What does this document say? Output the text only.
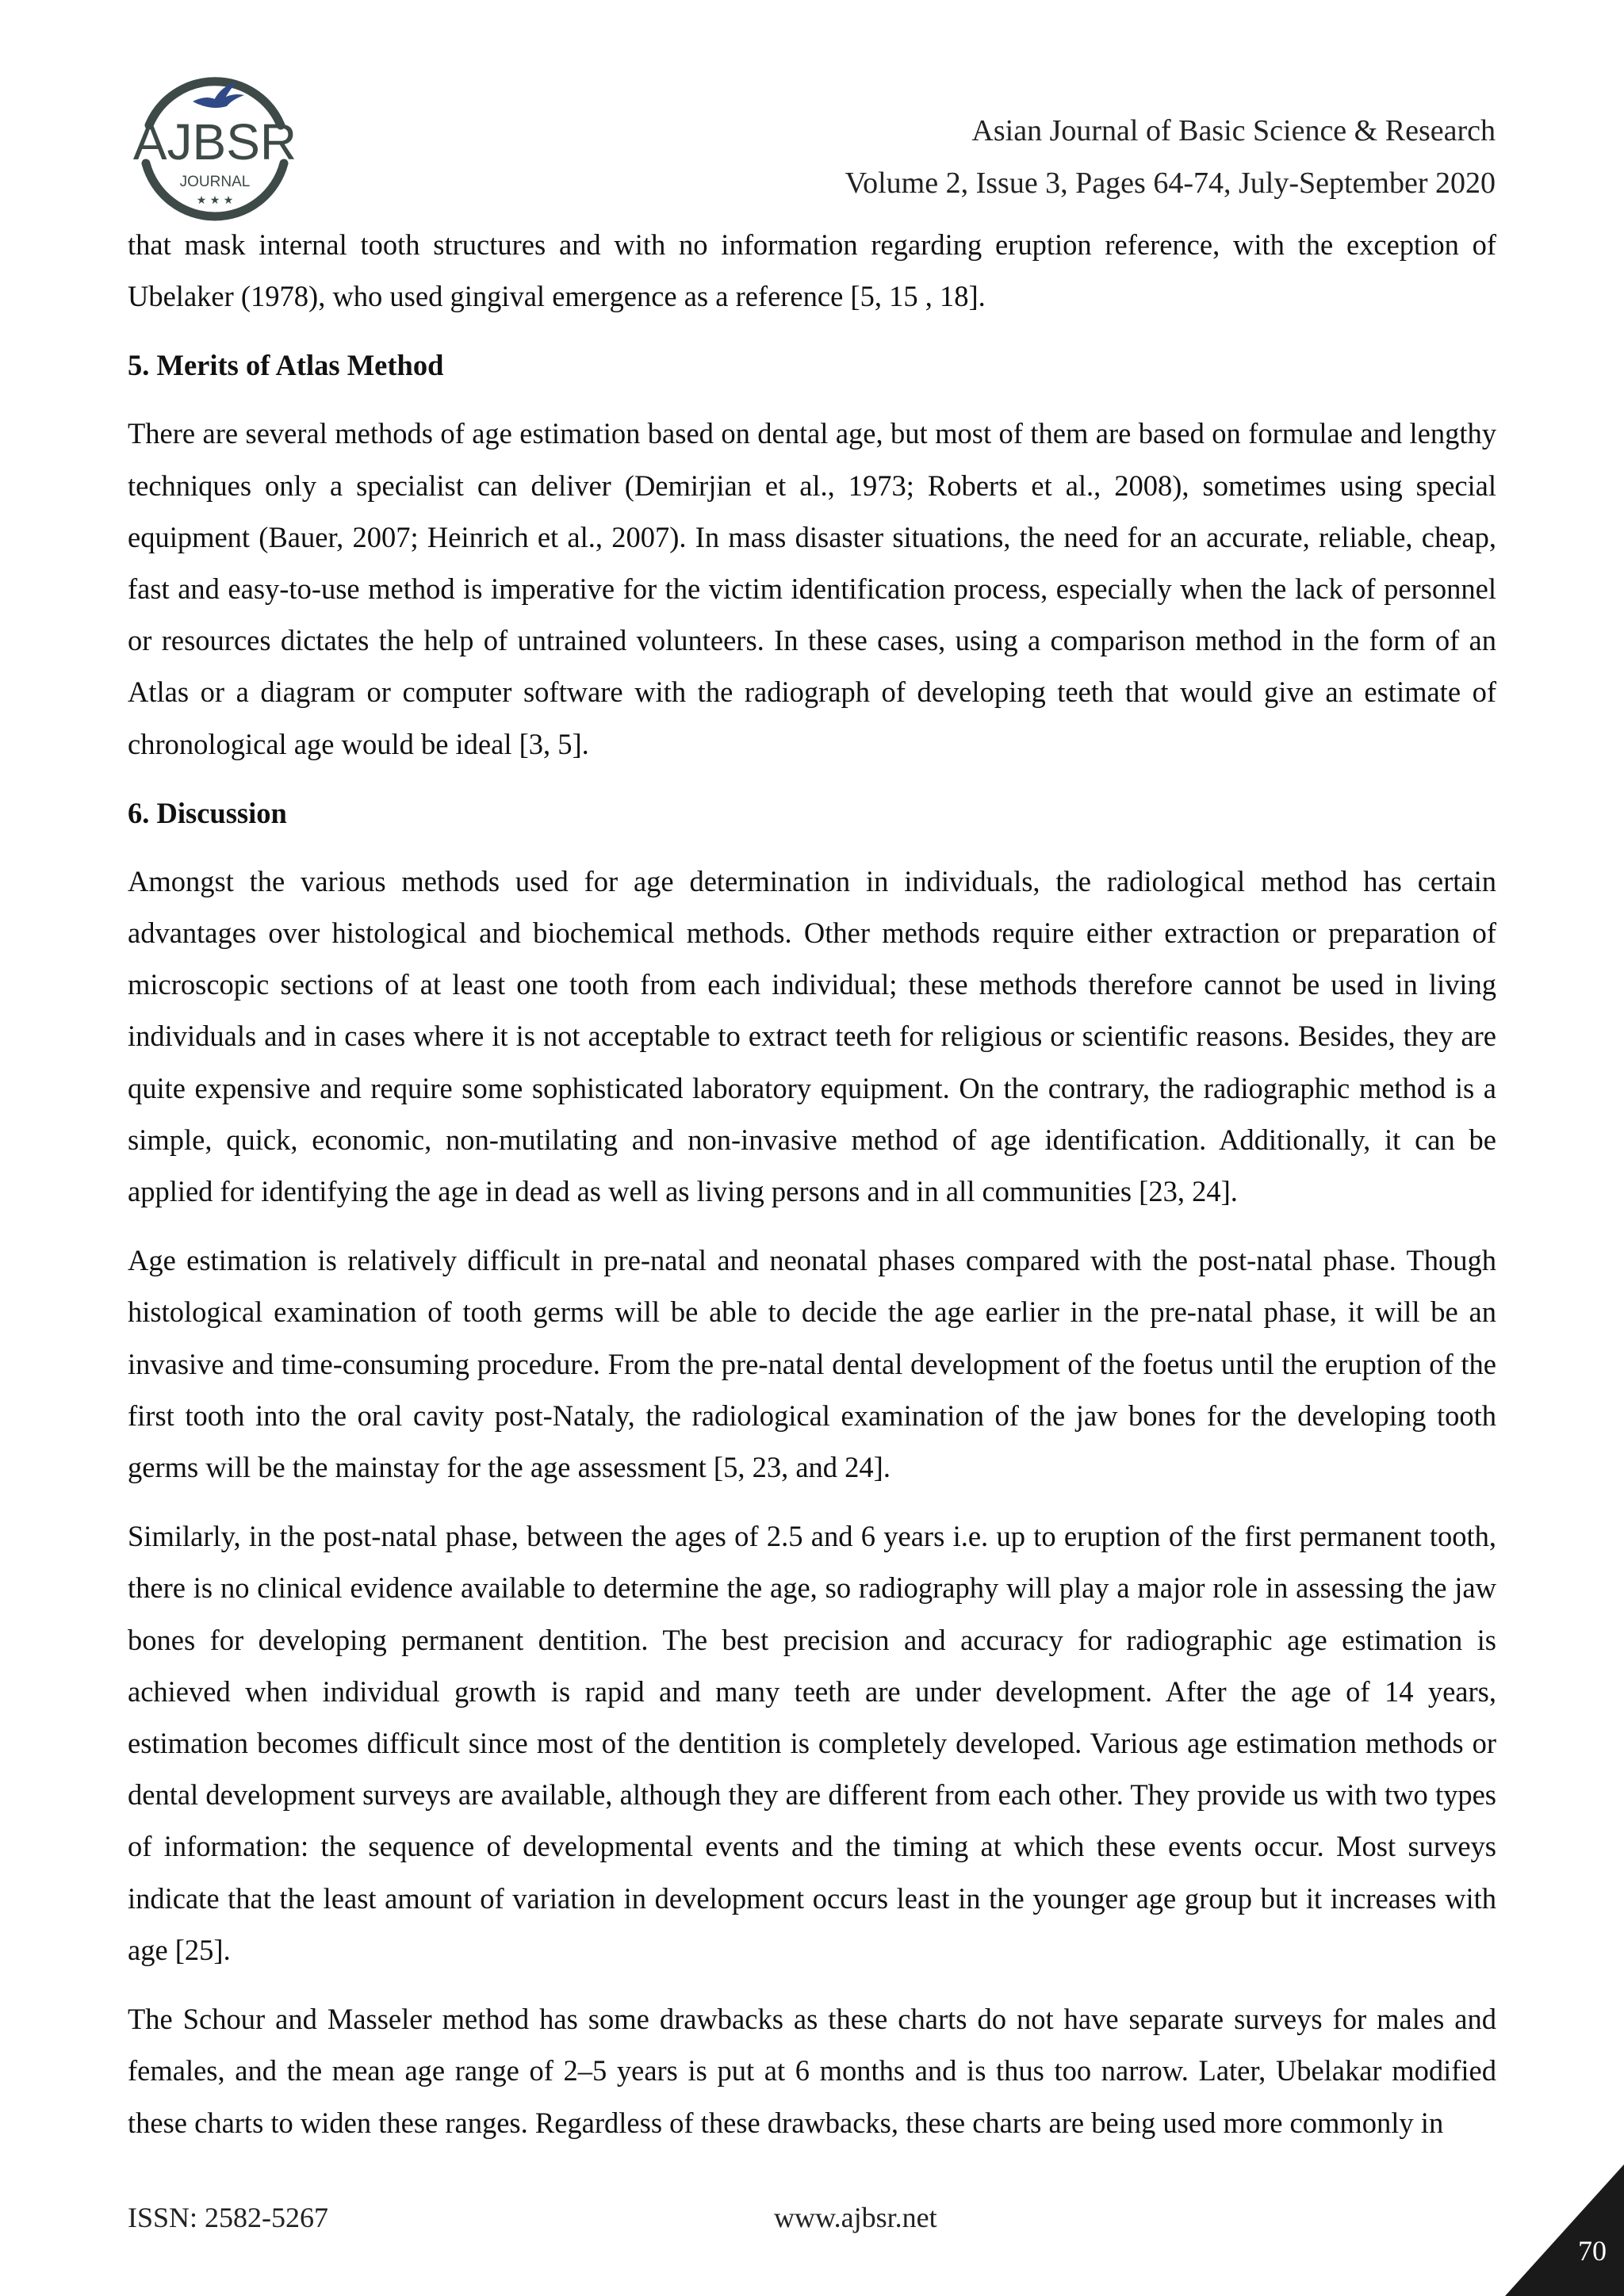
AJBSR
JOURNAL
★ ★ ★
Asian Journal of Basic Science & Research
Volume 2, Issue 3, Pages 64-74, July-September 2020

that mask internal tooth structures and with no information regarding eruption reference, with the exception of Ubelaker (1978), who used gingival emergence as a reference [5, 15 , 18].

5. Merits of Atlas Method

There are several methods of age estimation based on dental age, but most of them are based on formulae and lengthy techniques only a specialist can deliver (Demirjian et al., 1973; Roberts et al., 2008), sometimes using special equipment (Bauer, 2007; Heinrich et al., 2007). In mass disaster situations, the need for an accurate, reliable, cheap, fast and easy-to-use method is imperative for the victim identification process, especially when the lack of personnel or resources dictates the help of untrained volunteers. In these cases, using a comparison method in the form of an Atlas or a diagram or computer software with the radiograph of developing teeth that would give an estimate of chronological age would be ideal [3, 5].

6. Discussion

Amongst the various methods used for age determination in individuals, the radiological method has certain advantages over histological and biochemical methods. Other methods require either extraction or preparation of microscopic sections of at least one tooth from each individual; these methods therefore cannot be used in living individuals and in cases where it is not acceptable to extract teeth for religious or scientific reasons. Besides, they are quite expensive and require some sophisticated laboratory equipment. On the contrary, the radiographic method is a simple, quick, economic, non-mutilating and non-invasive method of age identification. Additionally, it can be applied for identifying the age in dead as well as living persons and in all communities [23, 24].

Age estimation is relatively difficult in pre-natal and neonatal phases compared with the post-natal phase. Though histological examination of tooth germs will be able to decide the age earlier in the pre-natal phase, it will be an invasive and time-consuming procedure. From the pre-natal dental development of the foetus until the eruption of the first tooth into the oral cavity post-Nataly, the radiological examination of the jaw bones for the developing tooth germs will be the mainstay for the age assessment [5, 23, and 24].

Similarly, in the post-natal phase, between the ages of 2.5 and 6 years i.e. up to eruption of the first permanent tooth, there is no clinical evidence available to determine the age, so radiography will play a major role in assessing the jaw bones for developing permanent dentition. The best precision and accuracy for radiographic age estimation is achieved when individual growth is rapid and many teeth are under development. After the age of 14 years, estimation becomes difficult since most of the dentition is completely developed. Various age estimation methods or dental development surveys are available, although they are different from each other. They provide us with two types of information: the sequence of developmental events and the timing at which these events occur. Most surveys indicate that the least amount of variation in development occurs least in the younger age group but it increases with age [25].

The Schour and Masseler method has some drawbacks as these charts do not have separate surveys for males and females, and the mean age range of 2–5 years is put at 6 months and is thus too narrow. Later, Ubelakar modified these charts to widen these ranges. Regardless of these drawbacks, these charts are being used more commonly in

ISSN: 2582-5267	www.ajbsr.net
70
